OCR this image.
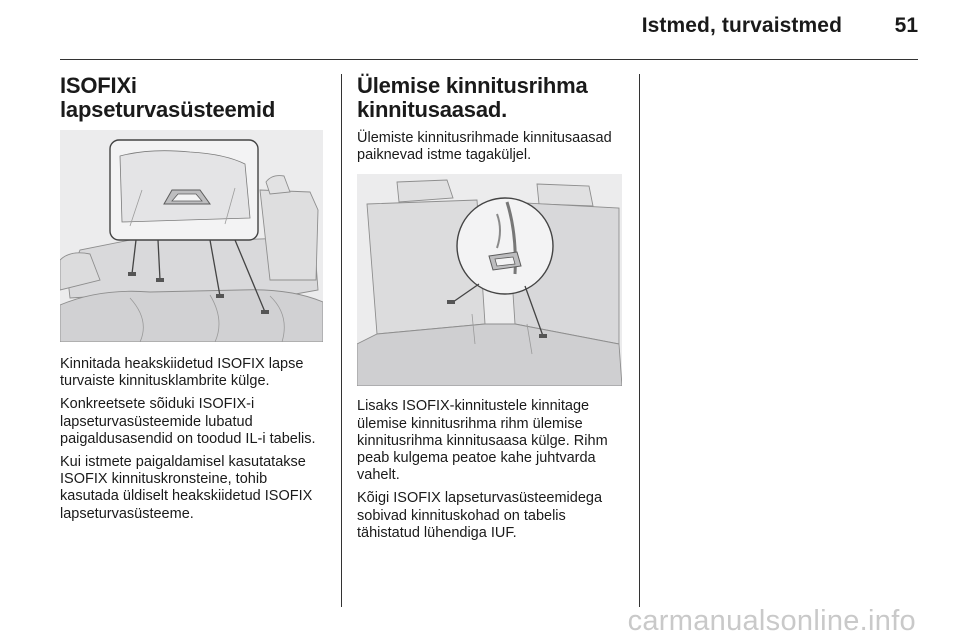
Istmed, turvaistmed	51
ISOFIXi
lapseturvasüsteemid

Kinnitada heakskiidetud ISOFIX lapse turvaiste kinnitusklambrite külge.

Konkreetsete sõiduki ISOFIX-i lapseturvasüsteemide lubatud paigaldusasendid on toodud IL-i tabelis.

Kui istmete paigaldamisel kasutatakse ISOFIX kinnituskronsteine, tohib kasutada üldiselt heakskiidetud ISOFIX lapseturvasüsteeme.

Ülemise kinnitusrihma
kinnitusaasad.

Ülemiste kinnitusrihmade kinnitusaasad paiknevad istme tagaküljel.

Lisaks ISOFIX-kinnitustele kinnitage ülemise kinnitusrihma rihm ülemise kinnitusrihma kinnitusaasa külge. Rihm peab kulgema peatoe kahe juhtvarda vahelt.

Kõigi ISOFIX lapseturvasüsteemidega sobivad kinnituskohad on tabelis tähistatud lühendiga IUF.

carmanualsonline.info
